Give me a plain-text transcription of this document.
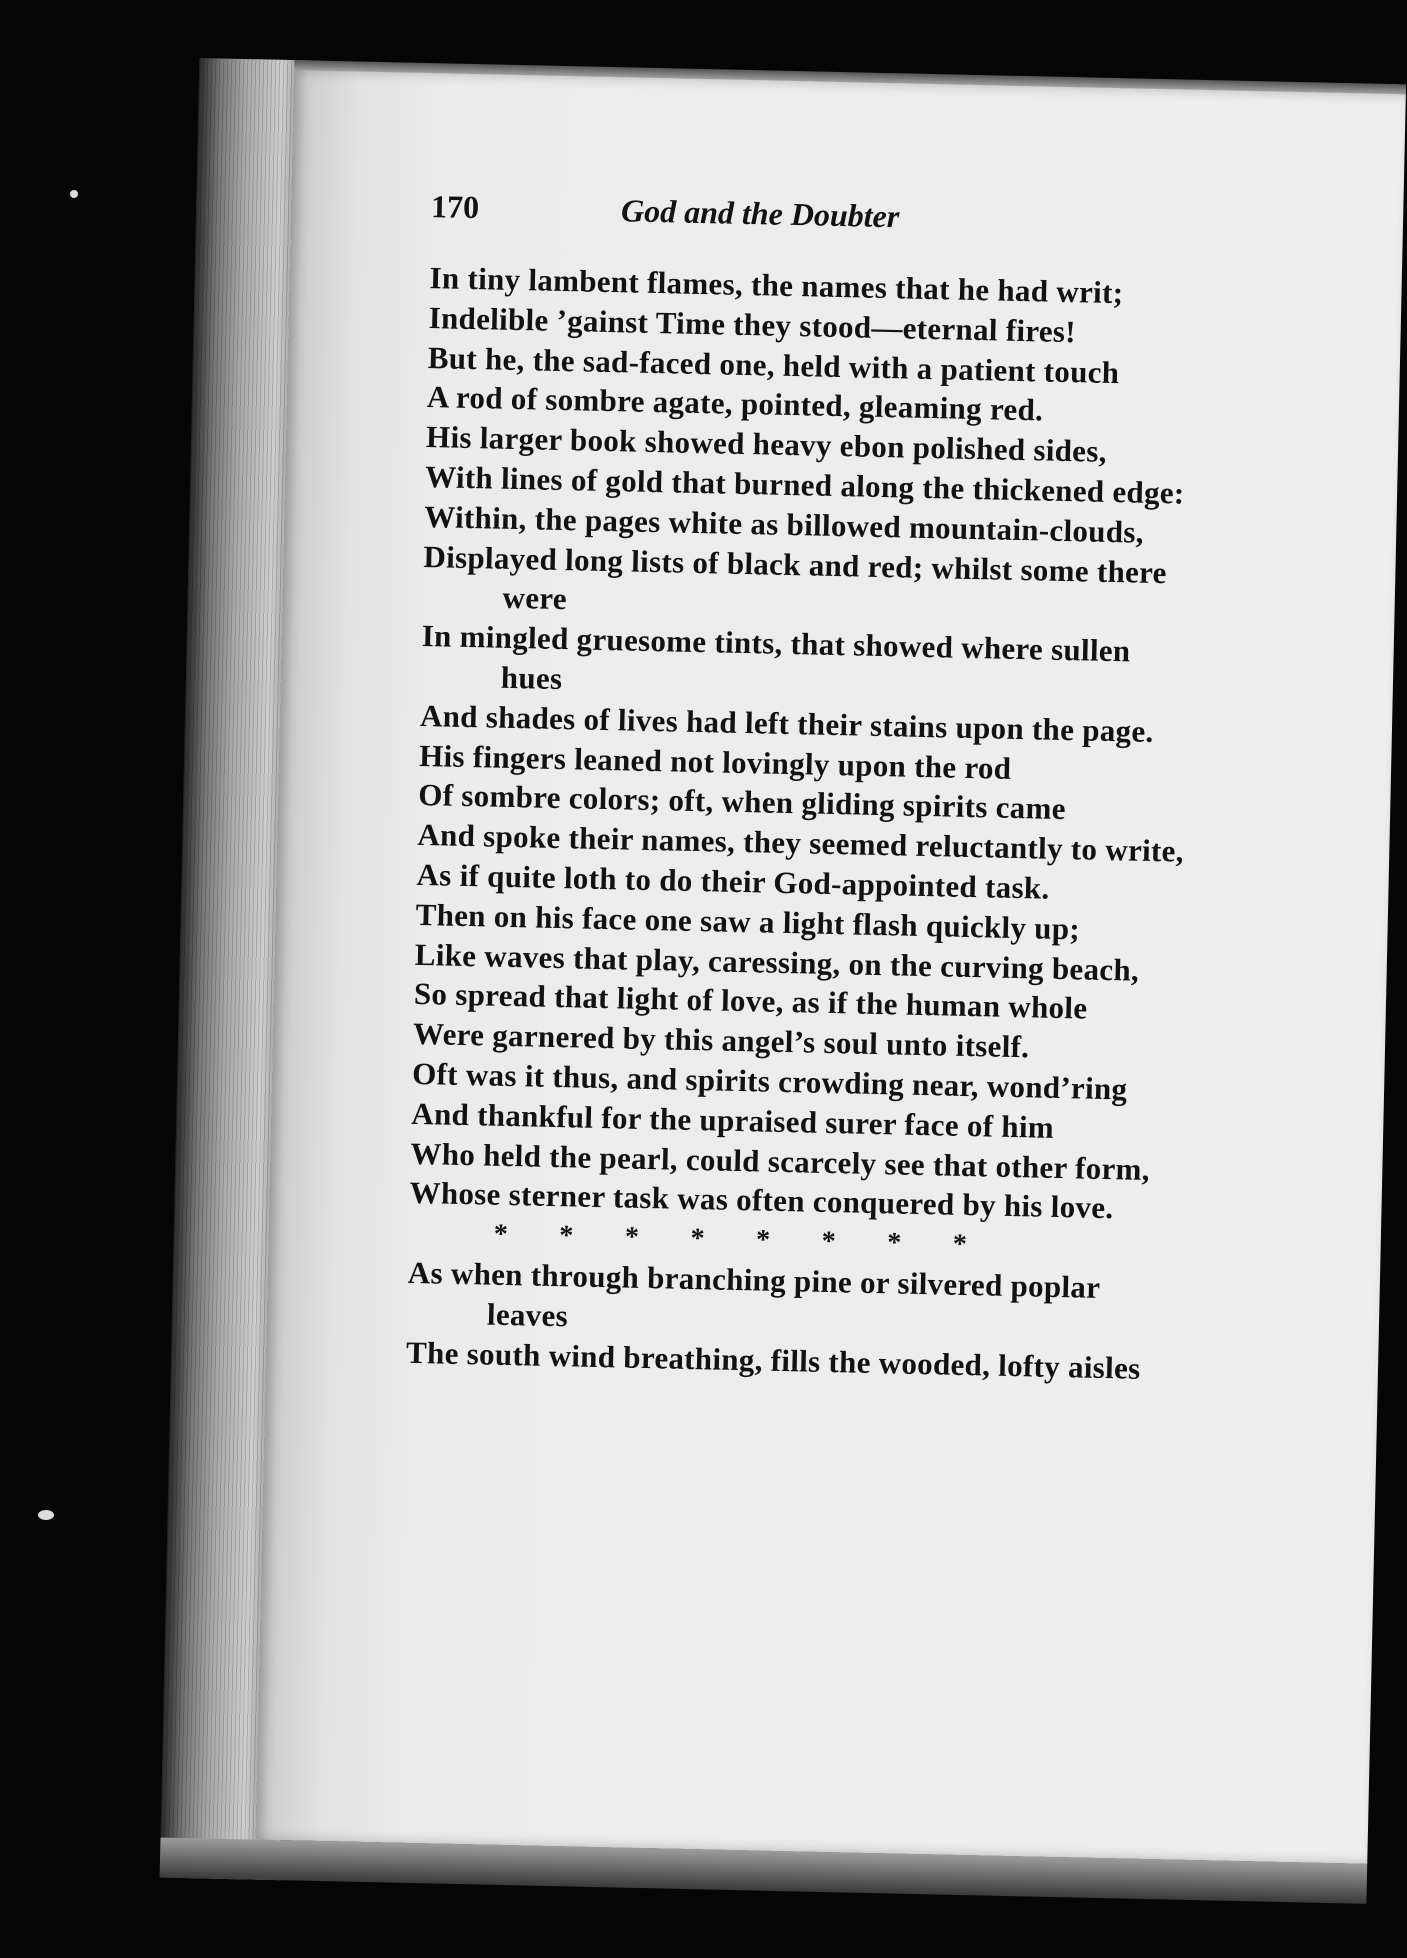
170	God and the Doubter
In tiny lambent flames, the names that he had writ;
Indelible ’gainst Time they stood—eternal fires!
But he, the sad-faced one, held with a patient touch
A rod of sombre agate, pointed, gleaming red.
His larger book showed heavy ebon polished sides,
With lines of gold that burned along the thickened edge:
Within, the pages white as billowed mountain-clouds,
Displayed long lists of black and red; whilst some there
were
In mingled gruesome tints, that showed where sullen
hues
And shades of lives had left their stains upon the page.
His fingers leaned not lovingly upon the rod
Of sombre colors; oft, when gliding spirits came
And spoke their names, they seemed reluctantly to write,
As if quite loth to do their God-appointed task.
Then on his face one saw a light flash quickly up;
Like waves that play, caressing, on the curving beach,
So spread that light of love, as if the human whole
Were garnered by this angel’s soul unto itself.
Oft was it thus, and spirits crowding near, wond’ring
And thankful for the upraised surer face of him
Who held the pearl, could scarcely see that other form,
Whose sterner task was often conquered by his love.
* * * * * * * *
As when through branching pine or silvered poplar
leaves
The south wind breathing, fills the wooded, lofty aisles
